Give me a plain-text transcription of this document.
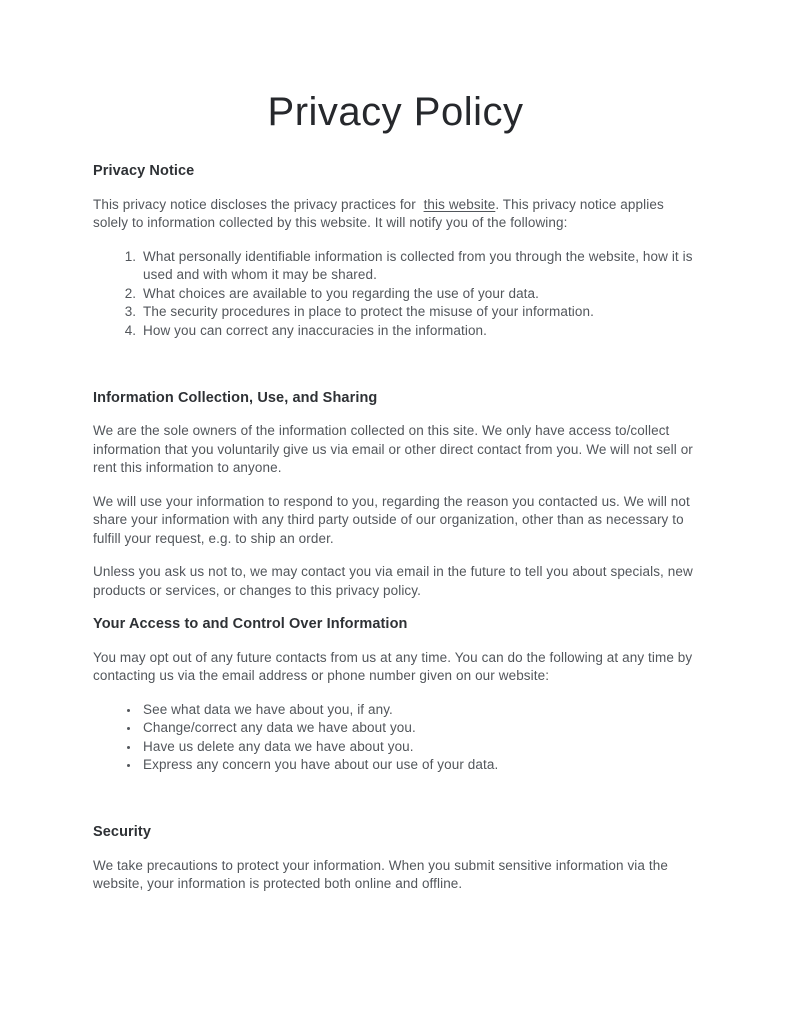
Privacy Policy
Privacy Notice

This privacy notice discloses the privacy practices for  this website. This privacy notice applies solely to information collected by this website. It will notify you of the following:

1. What personally identifiable information is collected from you through the website, how it is used and with whom it may be shared.
2. What choices are available to you regarding the use of your data.
3. The security procedures in place to protect the misuse of your information.
4. How you can correct any inaccuracies in the information.
Information Collection, Use, and Sharing

We are the sole owners of the information collected on this site. We only have access to/collect information that you voluntarily give us via email or other direct contact from you. We will not sell or rent this information to anyone.

We will use your information to respond to you, regarding the reason you contacted us. We will not share your information with any third party outside of our organization, other than as necessary to fulfill your request, e.g. to ship an order.

Unless you ask us not to, we may contact you via email in the future to tell you about specials, new products or services, or changes to this privacy policy.

Your Access to and Control Over Information

You may opt out of any future contacts from us at any time. You can do the following at any time by contacting us via the email address or phone number given on our website:

• See what data we have about you, if any.
• Change/correct any data we have about you.
• Have us delete any data we have about you.
• Express any concern you have about our use of your data.
Security

We take precautions to protect your information. When you submit sensitive information via the website, your information is protected both online and offline.
